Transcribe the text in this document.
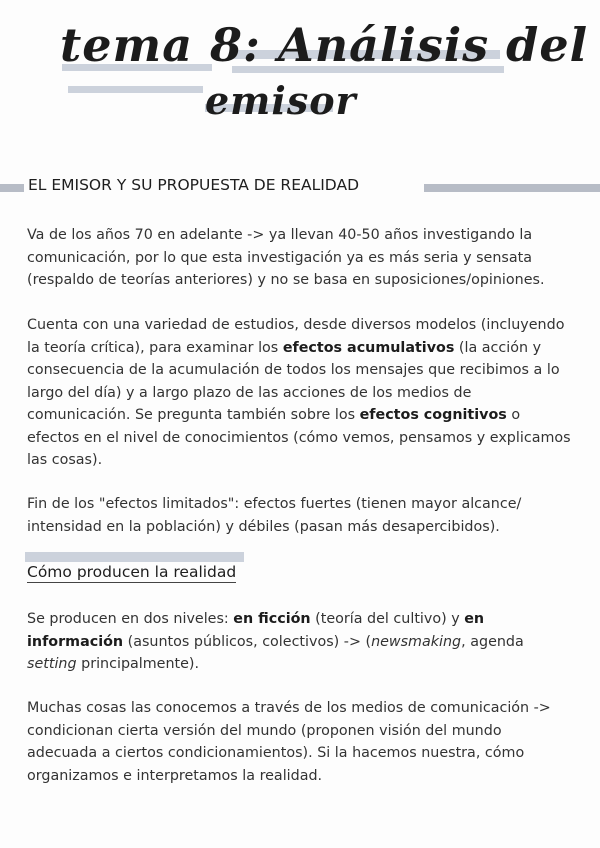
tema 8: Análisis del
emisor
EL EMISOR Y SU PROPUESTA DE REALIDAD
Va de los años 70 en adelante -> ya llevan 40-50 años investigando la comunicación, por lo que esta investigación ya es más seria y sensata (respaldo de teorías anteriores) y no se basa en suposiciones/opiniones.
Cuenta con una variedad de estudios, desde diversos modelos (incluyendo la teoría crítica), para examinar los efectos acumulativos (la acción y consecuencia de la acumulación de todos los mensajes que recibimos a lo largo del día) y a largo plazo de las acciones de los medios de comunicación. Se pregunta también sobre los efectos cognitivos o efectos en el nivel de conocimientos (cómo vemos, pensamos y explicamos las cosas).
Fin de los "efectos limitados": efectos fuertes (tienen mayor alcance/ intensidad en la población) y débiles (pasan más desapercibidos).
Cómo producen la realidad
Se producen en dos niveles: en ficción (teoría del cultivo) y en información (asuntos públicos, colectivos) -> (newsmaking, agenda setting principalmente).
Muchas cosas las conocemos a través de los medios de comunicación -> condicionan cierta versión del mundo (proponen visión del mundo adecuada a ciertos condicionamientos). Si la hacemos nuestra, cómo organizamos e interpretamos la realidad.
